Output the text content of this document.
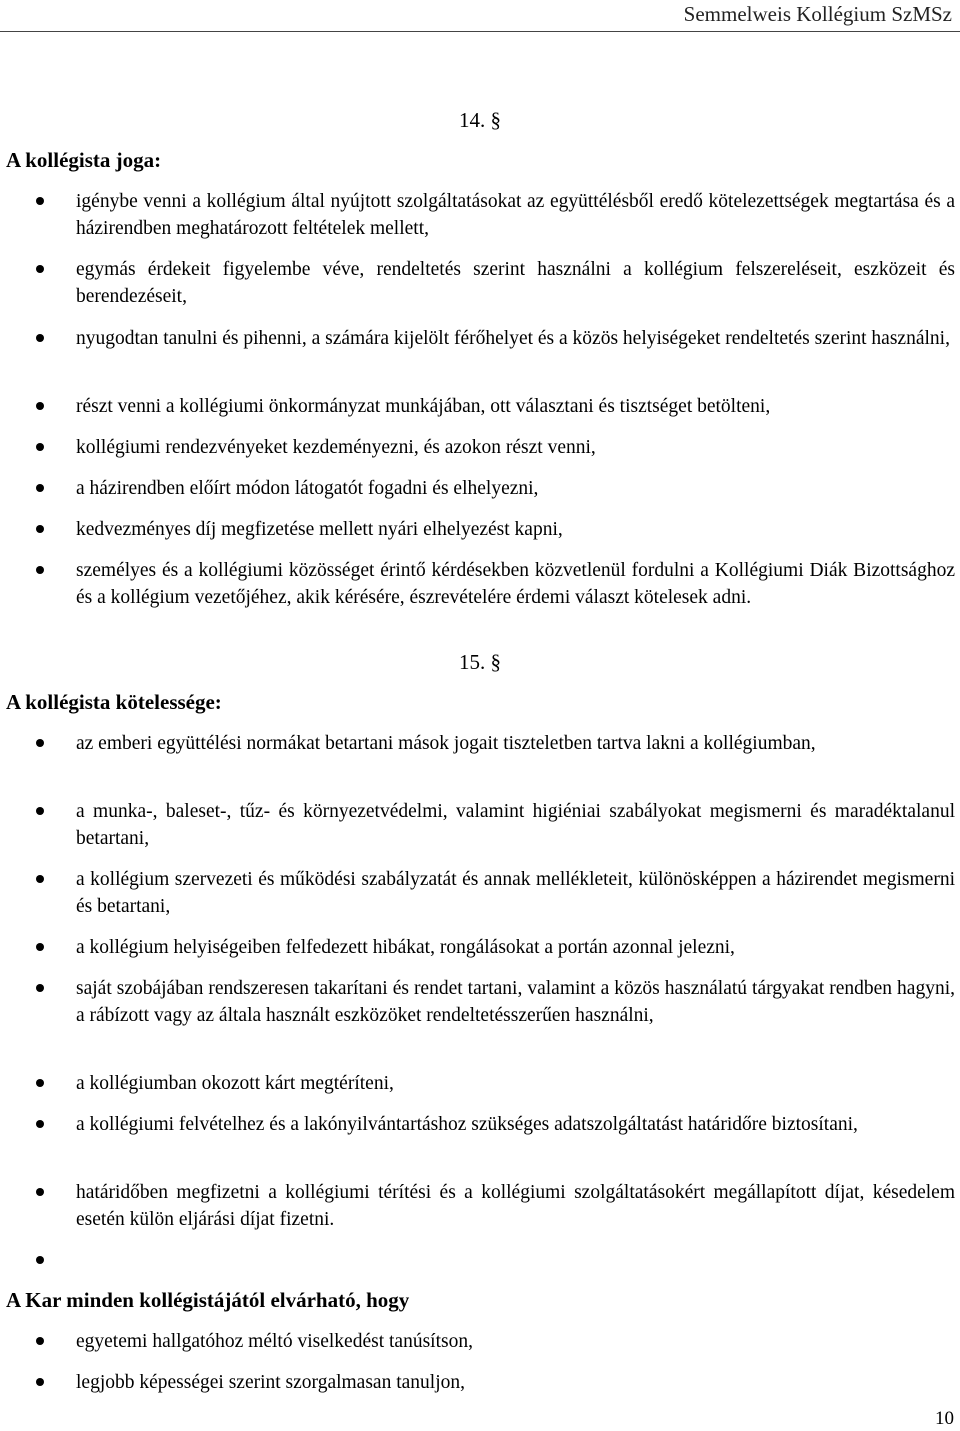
Semmelweis Kollégium SzMSz
14. §
A kollégista joga:
igénybe venni a kollégium által nyújtott szolgáltatásokat az együttélésből eredő kötelezettségek megtartása és a házirendben meghatározott feltételek mellett,
egymás érdekeit figyelembe véve, rendeltetés szerint használni a kollégium felszereléseit, eszközeit és berendezéseit,
nyugodtan tanulni és pihenni, a számára kijelölt férőhelyet és a közös helyiségeket rendeltetés szerint használni,
részt venni a kollégiumi önkormányzat munkájában, ott választani és tisztséget betölteni,
kollégiumi rendezvényeket kezdeményezni, és azokon részt venni,
a házirendben előírt módon látogatót fogadni és elhelyezni,
kedvezményes díj megfizetése mellett nyári elhelyezést kapni,
személyes és a kollégiumi közösséget érintő kérdésekben közvetlenül fordulni a Kollégiumi Diák Bizottsághoz és a kollégium vezetőjéhez, akik kérésére, észrevételére érdemi választ kötelesek adni.
15. §
A kollégista kötelessége:
az emberi együttélési normákat betartani mások jogait tiszteletben tartva lakni a kollégiumban,
a munka-, baleset-, tűz- és környezetvédelmi, valamint higiéniai szabályokat megismerni és maradéktalanul betartani,
a kollégium szervezeti és működési szabályzatát és annak mellékleteit, különösképpen a házirendet megismerni és betartani,
a kollégium helyiségeiben felfedezett hibákat, rongálásokat a portán azonnal jelezni,
saját szobájában rendszeresen takarítani és rendet tartani, valamint a közös használatú tárgyakat rendben hagyni, a rábízott vagy az általa használt eszközöket rendeltetésszerűen használni,
a kollégiumban okozott kárt megtéríteni,
a kollégiumi felvételhez és a lakónyilvántartáshoz szükséges adatszolgáltatást határidőre biztosítani,
határidőben megfizetni a kollégiumi térítési és a kollégiumi szolgáltatásokért megállapított díjat, késedelem esetén külön eljárási díjat fizetni.
A Kar minden kollégistájától elvárható, hogy
egyetemi hallgatóhoz méltó viselkedést tanúsítson,
legjobb képességei szerint szorgalmasan tanuljon,
10
